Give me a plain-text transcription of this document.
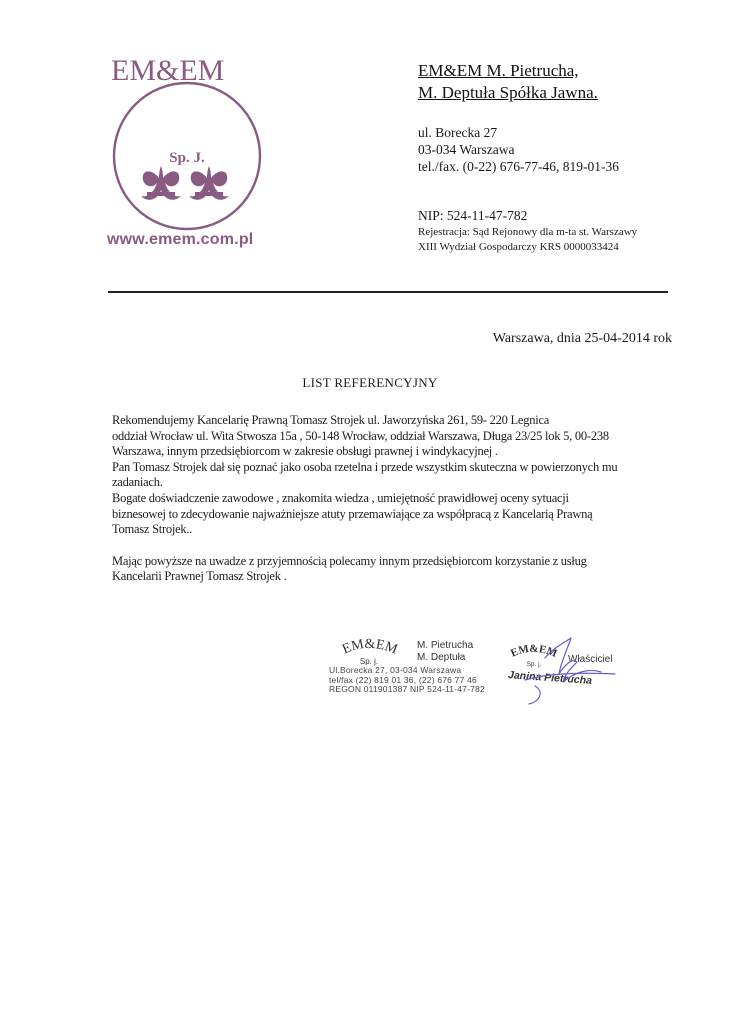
EM&EM
Sp. J.
www.emem.com.pl
EM&EM M. Pietrucha,
M. Deptuła Spółka Jawna.
ul. Borecka 27
03-034 Warszawa
tel./fax. (0-22) 676-77-46, 819-01-36
NIP: 524-11-47-782
Rejestracja: Sąd Rejonowy dla m-ta st. Warszawy
XIII Wydział Gospodarczy KRS 0000033424
Warszawa, dnia 25-04-2014 rok
LIST REFERENCYJNY
Rekomendujemy Kancelarię Prawną Tomasz Strojek ul. Jaworzyńska 261, 59- 220 Legnica
oddział Wrocław ul. Wita Stwosza 15a , 50-148 Wrocław, oddział Warszawa, Długa 23/25 lok 5, 00-238
Warszawa, innym przedsiębiorcom w zakresie obsługi prawnej i windykacyjnej .
Pan Tomasz Strojek dał się poznać jako osoba rzetelna i przede wszystkim skuteczna w powierzonych mu
zadaniach.
Bogate doświadczenie zawodowe , znakomita wiedza , umiejętność prawidłowej oceny sytuacji
biznesowej to zdecydowanie najważniejsze atuty przemawiające za współpracą z Kancelarią Prawną
Tomasz Strojek..
Mając powyższe na uwadze z przyjemnością polecamy innym przedsiębiorcom korzystanie z usług
Kancelarii Prawnej Tomasz Strojek .
EM&EM
Sp. j.
M. Pietrucha
M. Deptuła
Ul.Borecka 27, 03-034 Warszawa
tel/fax (22) 819 01 36, (22) 676 77 46
REGON 011901387 NIP 524-11-47-782
EM&EM
Sp. j.	Właściciel
Janina Pietrucha
